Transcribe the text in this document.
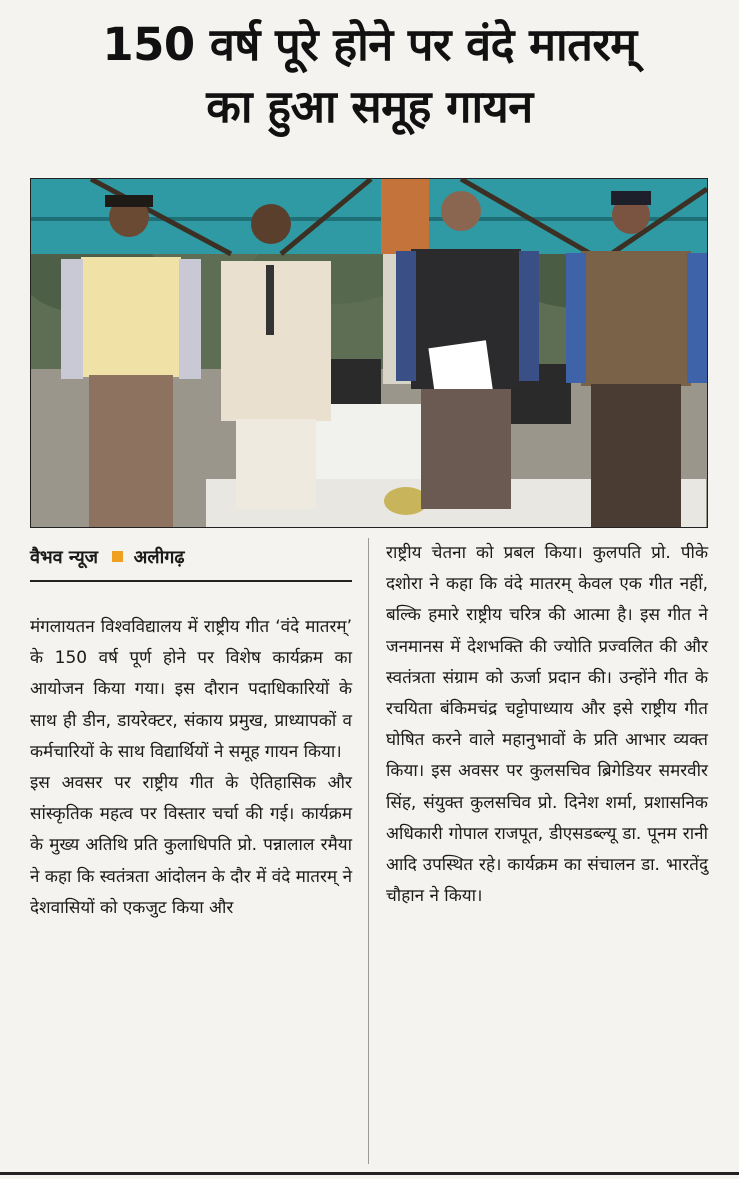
150 वर्ष पूरे होने पर वंदे मातरम्
का हुआ समूह गायन
वैभव न्यूज अलीगढ़

मंगलायतन विश्वविद्यालय में राष्ट्रीय गीत ‘वंदे मातरम्’ के 150 वर्ष पूर्ण होने पर विशेष कार्यक्रम का आयोजन किया गया। इस दौरान पदाधिकारियों के साथ ही डीन, डायरेक्टर, संकाय प्रमुख, प्राध्यापकों व कर्मचारियों के साथ विद्यार्थियों ने समूह गायन किया।

इस अवसर पर राष्ट्रीय गीत के ऐतिहासिक और सांस्कृतिक महत्व पर विस्तार चर्चा की गई। कार्यक्रम के मुख्य अतिथि प्रति कुलाधिपति प्रो. पन्नालाल रमैया ने कहा कि स्वतंत्रता आंदोलन के दौर में वंदे मातरम् ने देशवासियों को एकजुट किया और

राष्ट्रीय चेतना को प्रबल किया। कुलपति प्रो. पीके दशोरा ने कहा कि वंदे मातरम् केवल एक गीत नहीं, बल्कि हमारे राष्ट्रीय चरित्र की आत्मा है। इस गीत ने जनमानस में देशभक्ति की ज्योति प्रज्वलित की और स्वतंत्रता संग्राम को ऊर्जा प्रदान की। उन्होंने गीत के रचयिता बंकिमचंद्र चट्टोपाध्याय और इसे राष्ट्रीय गीत घोषित करने वाले महानुभावों के प्रति आभार व्यक्त किया। इस अवसर पर कुलसचिव ब्रिगेडियर समरवीर सिंह, संयुक्त कुलसचिव प्रो. दिनेश शर्मा, प्रशासनिक अधिकारी गोपाल राजपूत, डीएसडब्ल्यू डा. पूनम रानी आदि उपस्थित रहे। कार्यक्रम का संचालन डा. भारतेंदु चौहान ने किया।
